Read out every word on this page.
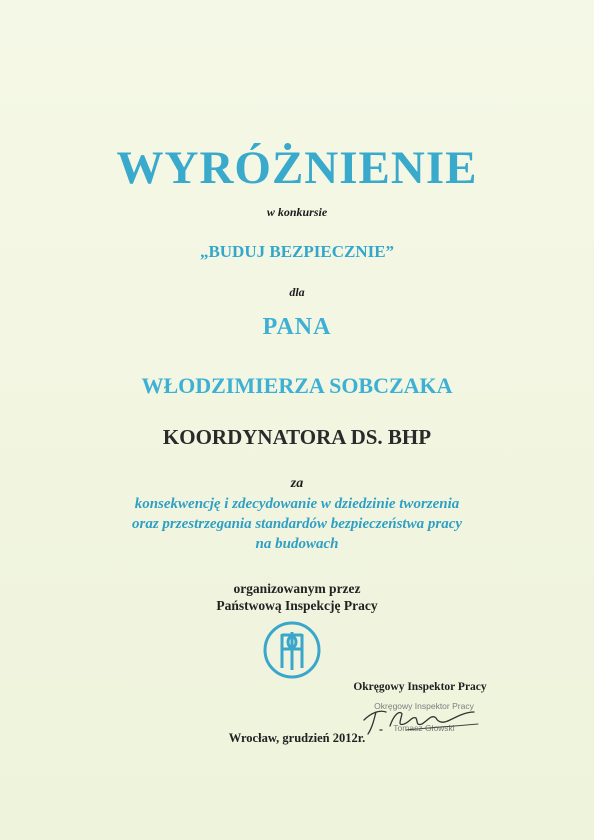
WYRÓŻNIENIE

w konkursie

„BUDUJ BEZPIECZNIE”

dla

PANA

WŁODZIMIERZA SOBCZAKA

KOORDYNATORA DS. BHP

za

konsekwencję i zdecydowanie w dziedzinie tworzenia

oraz przestrzegania standardów bezpieczeństwa pracy

na budowach

organizowanym przez

Państwową Inspekcję Pracy

Okręgowy Inspektor Pracy

Okręgowy Inspektor Pracy

Tomasz Głowski

Wrocław, grudzień 2012r.
